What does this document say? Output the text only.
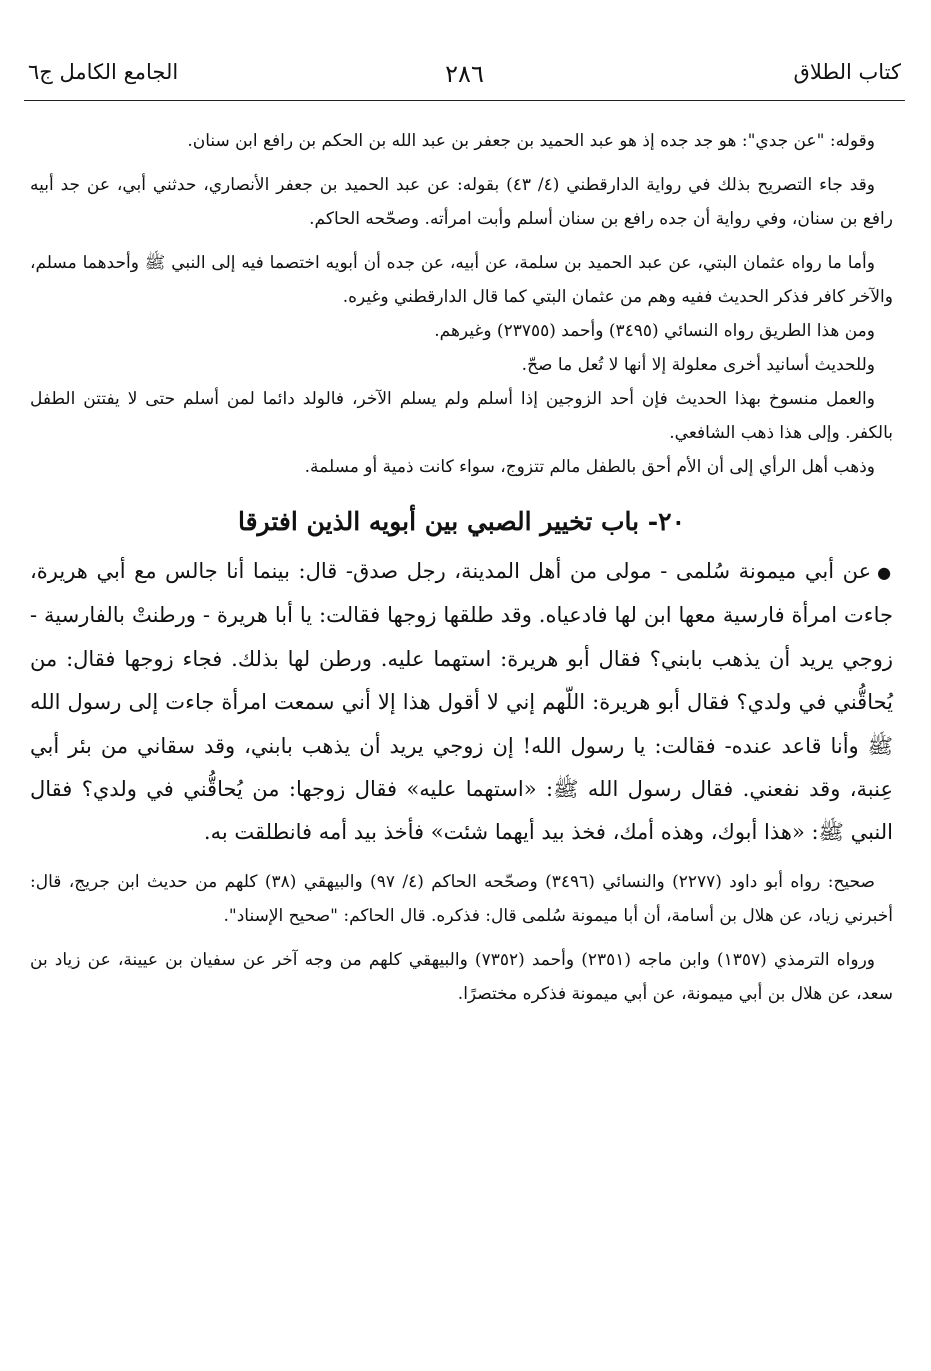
كتاب الطلاق
٢٨٦
الجامع الكامل ج٦

وقوله: "عن جدي": هو جد جده إذ هو عبد الحميد بن جعفر بن عبد الله بن الحكم بن رافع ابن سنان.

وقد جاء التصريح بذلك في رواية الدارقطني (٤/ ٤٣) بقوله: عن عبد الحميد بن جعفر الأنصاري، حدثني أبي، عن جد أبيه رافع بن سنان، وفي رواية أن جده رافع بن سنان أسلم وأبت امرأته. وصحّحه الحاكم.

وأما ما رواه عثمان البتي، عن عبد الحميد بن سلمة، عن أبيه، عن جده أن أبويه اختصما فيه إلى النبي ﷺ وأحدهما مسلم، والآخر كافر فذكر الحديث ففيه وهم من عثمان البتي كما قال الدارقطني وغيره.

ومن هذا الطريق رواه النسائي (٣٤٩٥) وأحمد (٢٣٧٥٥) وغيرهم.

وللحديث أسانيد أخرى معلولة إلا أنها لا تُعل ما صحّ.

والعمل منسوخ بهذا الحديث فإن أحد الزوجين إذا أسلم ولم يسلم الآخر، فالولد دائما لمن أسلم حتى لا يفتتن الطفل بالكفر. وإلى هذا ذهب الشافعي.

وذهب أهل الرأي إلى أن الأم أحق بالطفل مالم تتزوج، سواء كانت ذمية أو مسلمة.

٢٠- باب تخيير الصبي بين أبويه الذين افترقا

●عن أبي ميمونة سُلمى - مولى من أهل المدينة، رجل صدق- قال: بينما أنا جالس مع أبي هريرة، جاءت امرأة فارسية معها ابن لها فادعياه. وقد طلقها زوجها فقالت: يا أبا هريرة - ورطنتْ بالفارسية - زوجي يريد أن يذهب بابني؟ فقال أبو هريرة: استهما عليه. ورطن لها بذلك. فجاء زوجها فقال: من يُحاقُّني في ولدي؟ فقال أبو هريرة: اللّهم إني لا أقول هذا إلا أني سمعت امرأة جاءت إلى رسول الله ﷺ وأنا قاعد عنده- فقالت: يا رسول الله! إن زوجي يريد أن يذهب بابني، وقد سقاني من بئر أبي عِنبة، وقد نفعني. فقال رسول الله ﷺ: «استهما عليه» فقال زوجها: من يُحاقُّني في ولدي؟ فقال النبي ﷺ: «هذا أبوك، وهذه أمك، فخذ بيد أيهما شئت» فأخذ بيد أمه فانطلقت به.

صحيح: رواه أبو داود (٢٢٧٧) والنسائي (٣٤٩٦) وصحّحه الحاكم (٤/ ٩٧) والبيهقي (٣٨) كلهم من حديث ابن جريج، قال: أخبرني زياد، عن هلال بن أسامة، أن أبا ميمونة سُلمى قال: فذكره. قال الحاكم: "صحيح الإسناد".

ورواه الترمذي (١٣٥٧) وابن ماجه (٢٣٥١) وأحمد (٧٣٥٢) والبيهقي كلهم من وجه آخر عن سفيان بن عيينة، عن زياد بن سعد، عن هلال بن أبي ميمونة، عن أبي ميمونة فذكره مختصرًا.
